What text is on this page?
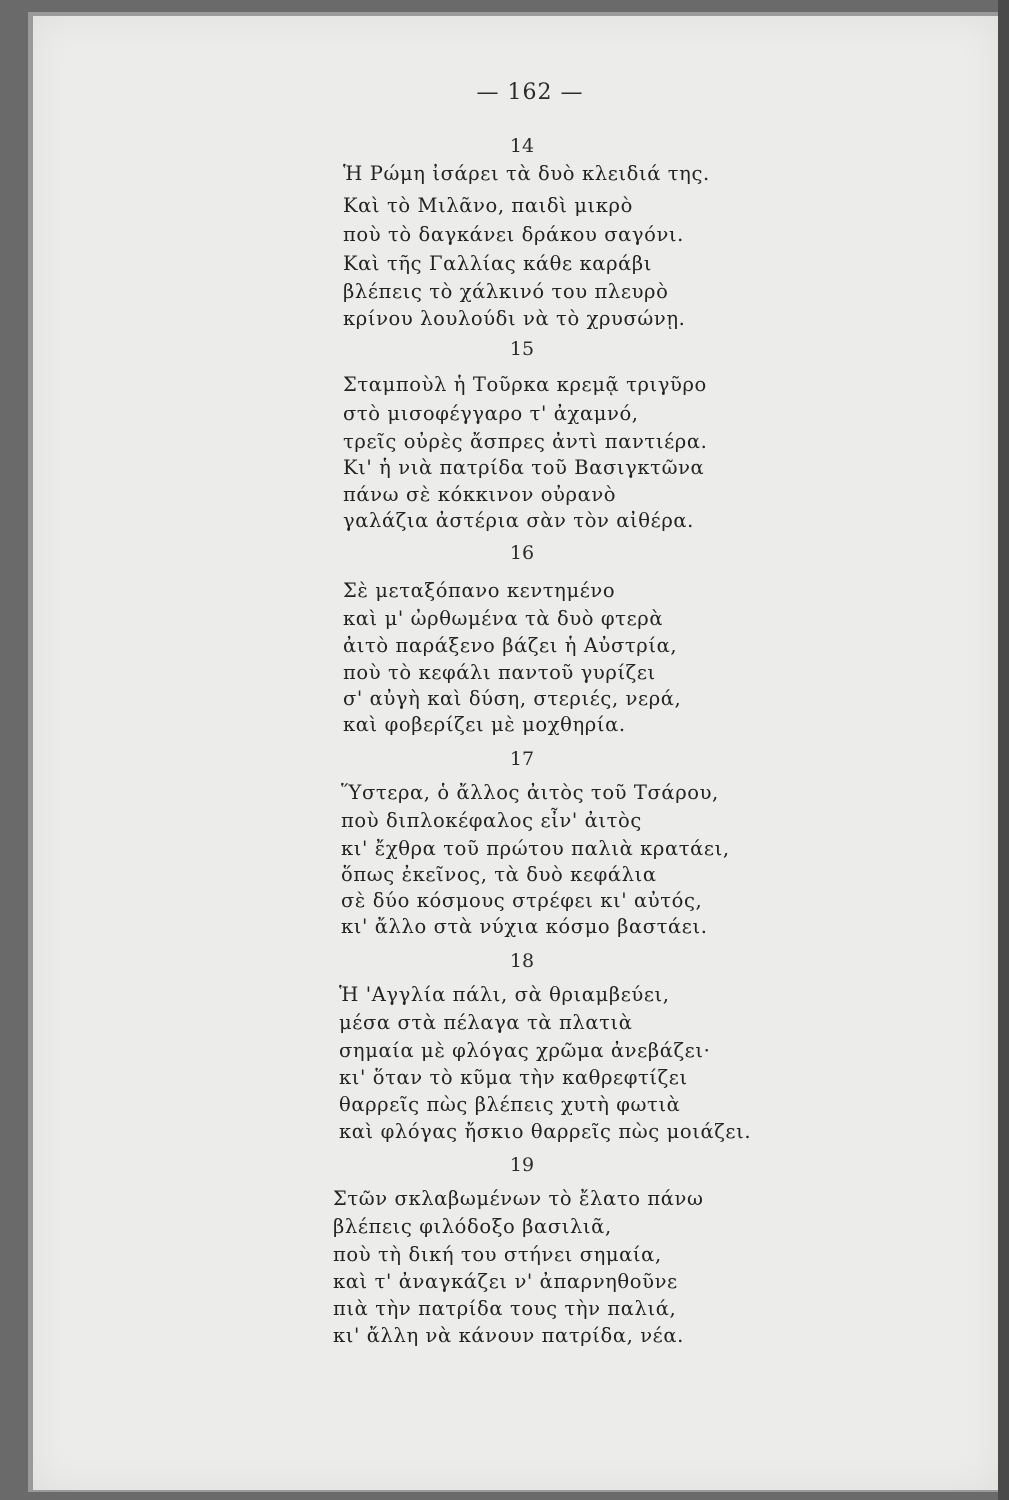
— 162 —
14
Ἡ Ρώμη ἰσάρει τὰ δυὸ κλειδιά της.
Καὶ τὸ Μιλᾶνο, παιδὶ μικρὸ
ποὺ τὸ δαγκάνει δράκου σαγόνι.
Καὶ τῆς Γαλλίας κάθε καράβι
βλέπεις τὸ χάλκινό του πλευρὸ
κρίνου λουλούδι νὰ τὸ χρυσώνῃ.
15
Σταμποὺλ ἡ Τοῦρκα κρεμᾷ τριγῦρο
στὸ μισοφέγγαρο τ' ἀχαμνό,
τρεῖς οὐρὲς ἄσπρες ἀντὶ παντιέρα.
Κι' ἡ νιὰ πατρίδα τοῦ Βασιγκτῶνα
πάνω σὲ κόκκινον οὐρανὸ
γαλάζια ἀστέρια σὰν τὸν αἰθέρα.
16
Σὲ μεταξόπανο κεντημένο
καὶ μ' ὠρθωμένα τὰ δυὸ φτερὰ
ἀιτὸ παράξενο βάζει ἡ Αὐστρία,
ποὺ τὸ κεφάλι παντοῦ γυρίζει
σ' αὐγὴ καὶ δύση, στεριές, νερά,
καὶ φοβερίζει μὲ μοχθηρία.
17
Ὕστερα, ὁ ἄλλος ἀιτὸς τοῦ Τσάρου,
ποὺ διπλοκέφαλος εἶν' ἀιτὸς
κι' ἔχθρα τοῦ πρώτου παλιὰ κρατάει,
ὅπως ἐκεῖνος, τὰ δυὸ κεφάλια
σὲ δύο κόσμους στρέφει κι' αὐτός,
κι' ἄλλο στὰ νύχια κόσμο βαστάει.
18
Ἡ 'Αγγλία πάλι, σὰ θριαμβεύει,
μέσα στὰ πέλαγα τὰ πλατιὰ
σημαία μὲ φλόγας χρῶμα ἀνεβάζει·
κι' ὅταν τὸ κῦμα τὴν καθρεφτίζει
θαρρεῖς πὼς βλέπεις χυτὴ φωτιὰ
καὶ φλόγας ἤσκιο θαρρεῖς πὼς μοιάζει.
19
Στῶν σκλαβωμένων τὸ ἔλατο πάνω
βλέπεις φιλόδοξο βασιλιᾶ,
ποὺ τὴ δική του στήνει σημαία,
καὶ τ' ἀναγκάζει ν' ἀπαρνηθοῦνε
πιὰ τὴν πατρίδα τους τὴν παλιά,
κι' ἄλλη νὰ κάνουν πατρίδα, νέα.
